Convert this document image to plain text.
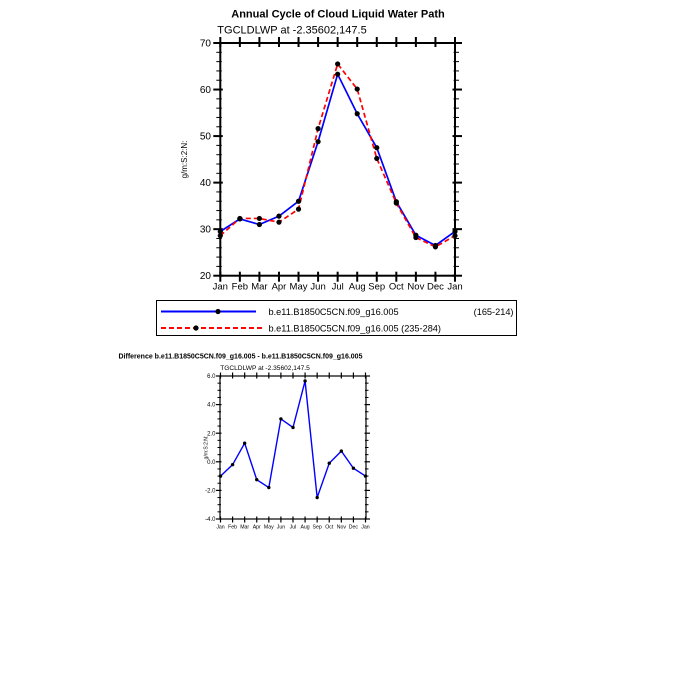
Annual Cycle of Cloud Liquid Water Path
TGCLDLWP at -2.35602,147.5
g/m:S:2:N:
20
30
40
50
60
70
Jan Feb Mar Apr May Jun Jul Aug Sep Oct Nov Dec Jan
b.e11.B1850C5CN.f09_g16.005	(165-214)
b.e11.B1850C5CN.f09_g16.005 (235-284)
Difference b.e11.B1850C5CN.f09_g16.005 - b.e11.B1850C5CN.f09_g16.005
TGCLDLWP at -2.35602,147.5
g/m:S:2:N:
-4.0
-2.0
0.0
2.0
4.0
6.0
Jan Feb Mar Apr May Jun Jul Aug Sep Oct Nov Dec Jan
